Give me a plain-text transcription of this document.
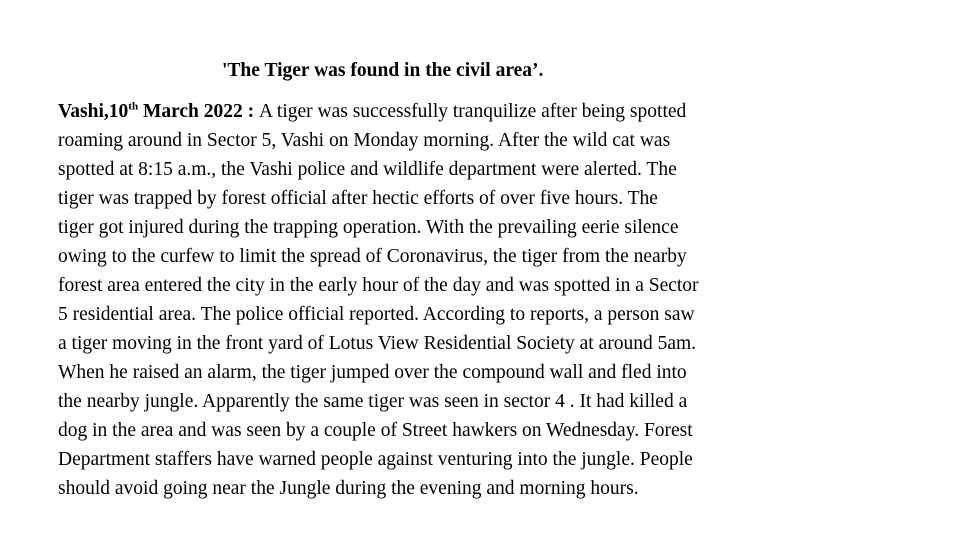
'The Tiger was found in the civil area’.
Vashi,10th March 2022 : A tiger was successfully tranquilize after being spotted
roaming around in Sector 5, Vashi on Monday morning. After the wild cat was
spotted at 8:15 a.m., the Vashi police and wildlife department were alerted. The
tiger was trapped by forest official after hectic efforts of over five hours. The
tiger got injured during the trapping operation. With the prevailing eerie silence
owing to the curfew to limit the spread of Coronavirus, the tiger from the nearby
forest area entered the city in the early hour of the day and was spotted in a Sector
5 residential area. The police official reported. According to reports, a person saw
a tiger moving in the front yard of Lotus View Residential Society at around 5am.
When he raised an alarm, the tiger jumped over the compound wall and fled into
the nearby jungle. Apparently the same tiger was seen in sector 4 . It had killed a
dog in the area and was seen by a couple of Street hawkers on Wednesday. Forest
Department staffers have warned people against venturing into the jungle. People
should avoid going near the Jungle during the evening and morning hours.
